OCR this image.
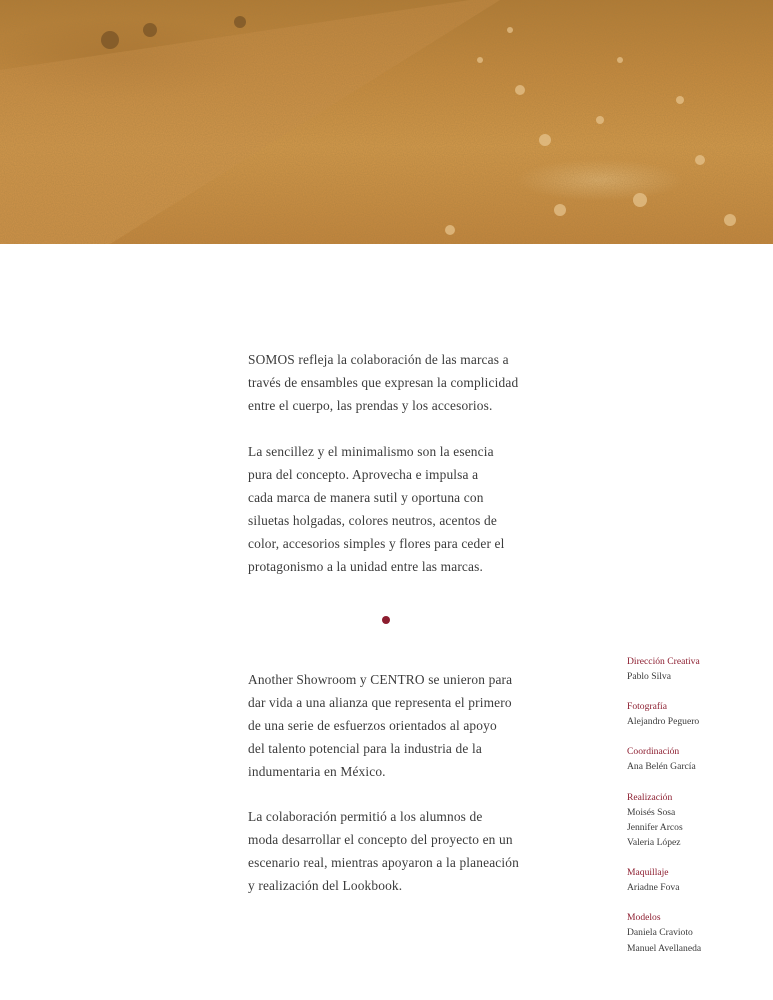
SOMOS refleja la colaboración de las marcas a
través de ensambles que expresan la complicidad
entre el cuerpo, las prendas y los accesorios.

La sencillez y el minimalismo son la esencia
pura del concepto. Aprovecha e impulsa a
cada marca de manera sutil y oportuna con
siluetas holgadas, colores neutros, acentos de
color, accesorios simples y flores para ceder el
protagonismo a la unidad entre las marcas.

Another Showroom y CENTRO se unieron para
dar vida a una alianza que representa el primero
de una serie de esfuerzos orientados al apoyo
del talento potencial para la industria de la
indumentaria en México.

La colaboración permitió a los alumnos de
moda desarrollar el concepto del proyecto en un
escenario real, mientras apoyaron a la planeación
y realización del Lookbook.

Dirección Creativa
Pablo Silva
Fotografía
Alejandro Peguero
Coordinación
Ana Belén García
Realización
Moisés Sosa
Jennifer Arcos
Valeria López
Maquillaje
Ariadne Fova
Modelos
Daniela Cravioto
Manuel Avellaneda
